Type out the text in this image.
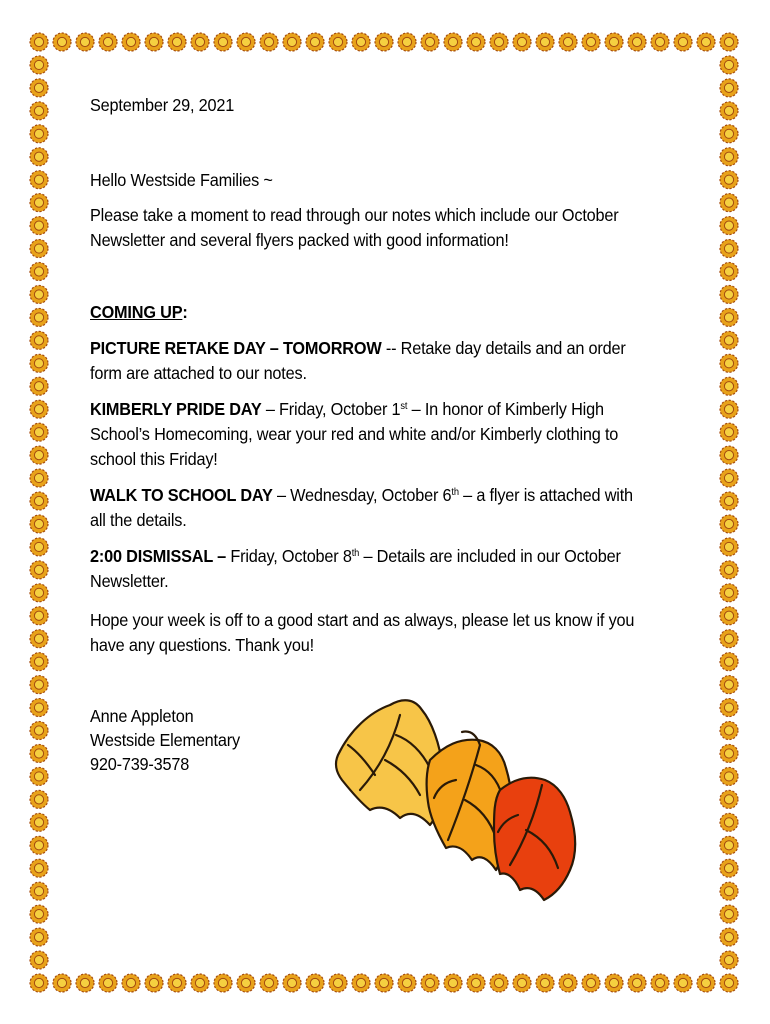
September 29, 2021

Hello Westside Families ~

Please take a moment to read through our notes which include our October

Newsletter and several flyers packed with good information!

COMING UP:

PICTURE RETAKE DAY – TOMORROW -- Retake day details and an order

form are attached to our notes.

KIMBERLY PRIDE DAY – Friday, October 1st – In honor of Kimberly High

School’s Homecoming, wear your red and white and/or Kimberly clothing to

school this Friday!

WALK TO SCHOOL DAY – Wednesday, October 6th – a flyer is attached with

all the details.

2:00 DISMISSAL – Friday, October 8th – Details are included in our October

Newsletter.

Hope your week is off to a good start and as always, please let us know if you

have any questions. Thank you!

Anne Appleton

Westside Elementary

920-739-3578
